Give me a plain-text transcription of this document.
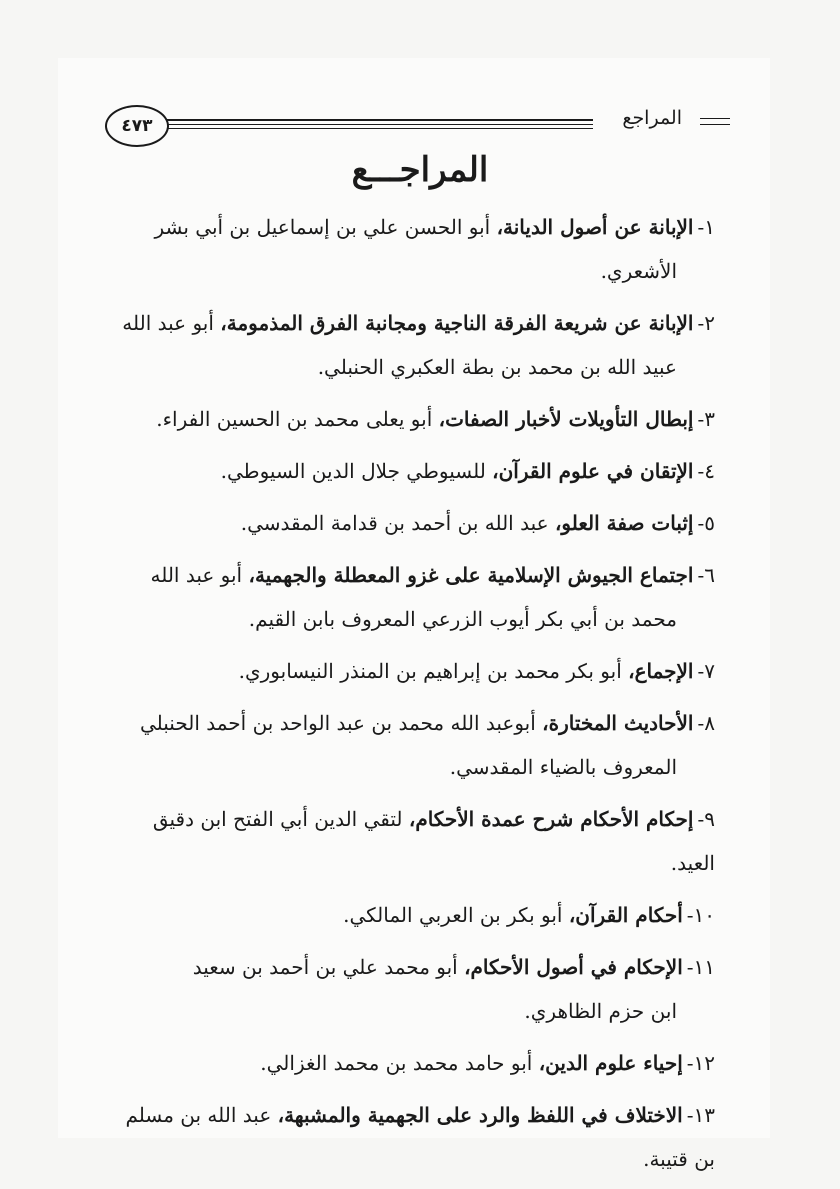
٤٧٣	المراجع
المراجـــع
١-الإبانة عن أصول الديانة، أبو الحسن علي بن إسماعيل بن أبي بشر
الأشعري.
٢-الإبانة عن شريعة الفرقة الناجية ومجانبة الفرق المذمومة، أبو عبد الله
عبيد الله بن محمد بن بطة العكبري الحنبلي.
٣-إبطال التأويلات لأخبار الصفات، أبو يعلى محمد بن الحسين الفراء.
٤-الإتقان في علوم القرآن، للسيوطي جلال الدين السيوطي.
٥-إثبات صفة العلو، عبد الله بن أحمد بن قدامة المقدسي.
٦-اجتماع الجيوش الإسلامية على غزو المعطلة والجهمية، أبو عبد الله
محمد بن أبي بكر أيوب الزرعي المعروف بابن القيم.
٧-الإجماع، أبو بكر محمد بن إبراهيم بن المنذر النيسابوري.
٨-الأحاديث المختارة، أبوعبد الله محمد بن عبد الواحد بن أحمد الحنبلي
المعروف بالضياء المقدسي.
٩-إحكام الأحكام شرح عمدة الأحكام، لتقي الدين أبي الفتح ابن دقيق العيد.
١٠-أحكام القرآن، أبو بكر بن العربي المالكي.
١١-الإحكام في أصول الأحكام، أبو محمد علي بن أحمد بن سعيد
ابن حزم الظاهري.
١٢-إحياء علوم الدين، أبو حامد محمد بن محمد الغزالي.
١٣-الاختلاف في اللفظ والرد على الجهمية والمشبهة، عبد الله بن مسلم بن قتيبة.
